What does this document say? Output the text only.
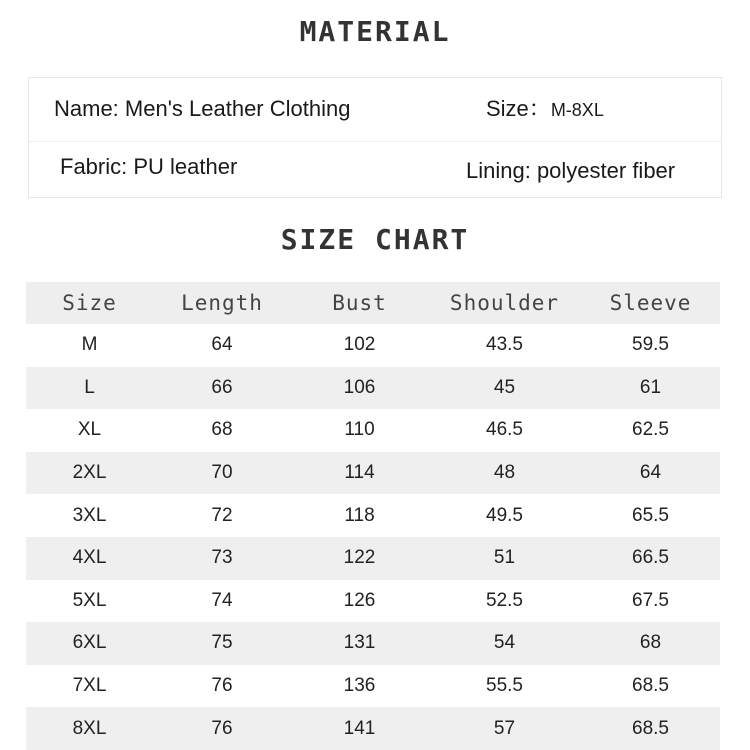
MATERIAL
Name: Men's Leather Clothing	Size：M-8XL
Fabric: PU leather	Lining: polyester fiber
SIZE CHART
Size	Length	Bust	Shoulder	Sleeve
M	64	102	43.5	59.5
L	66	106	45	61
XL	68	110	46.5	62.5
2XL	70	114	48	64
3XL	72	118	49.5	65.5
4XL	73	122	51	66.5
5XL	74	126	52.5	67.5
6XL	75	131	54	68
7XL	76	136	55.5	68.5
8XL	76	141	57	68.5
